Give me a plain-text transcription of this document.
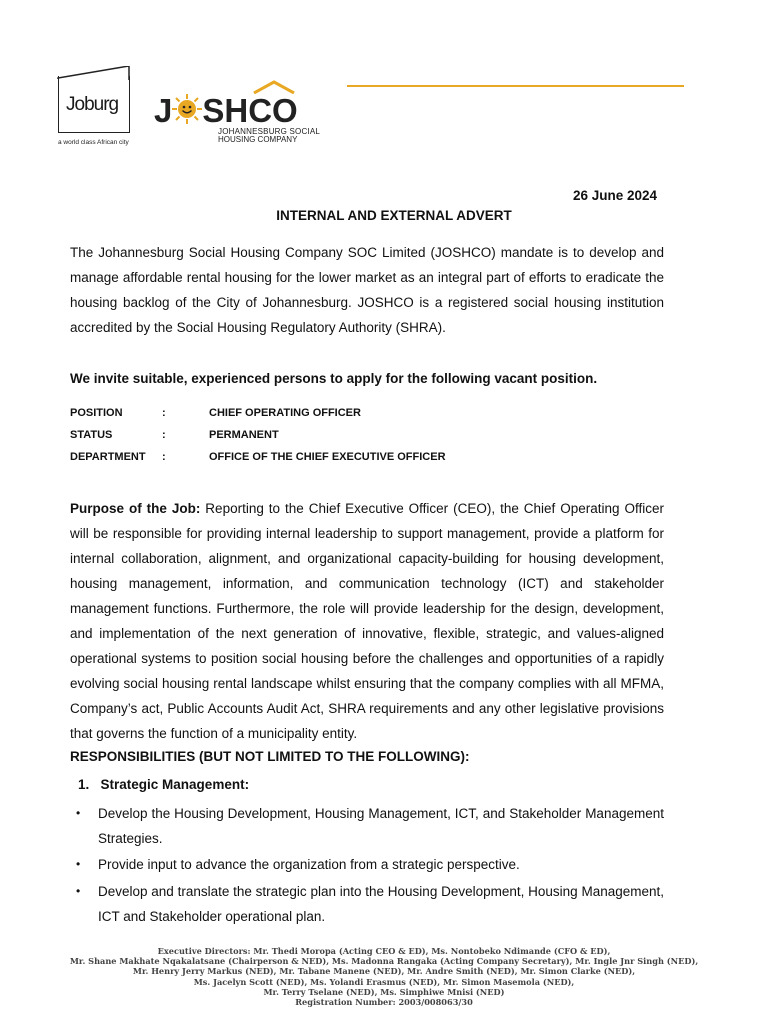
Joburg
a world class African city
J SHCO
JOHANNESBURG SOCIAL
HOUSING COMPANY
26 June 2024
INTERNAL AND EXTERNAL ADVERT
The Johannesburg Social Housing Company SOC Limited (JOSHCO) mandate is to develop and manage affordable rental housing for the lower market as an integral part of efforts to eradicate the housing backlog of the City of Johannesburg. JOSHCO is a registered social housing institution accredited by the Social Housing Regulatory Authority (SHRA).
We invite suitable, experienced persons to apply for the following vacant position.
POSITION	:	CHIEF OPERATING OFFICER
STATUS	:	PERMANENT
DEPARTMENT :	OFFICE OF THE CHIEF EXECUTIVE OFFICER
Purpose of the Job: Reporting to the Chief Executive Officer (CEO), the Chief Operating Officer will be responsible for providing internal leadership to support management, provide a platform for internal collaboration, alignment, and organizational capacity-building for housing development, housing management, information, and communication technology (ICT) and stakeholder management functions. Furthermore, the role will provide leadership for the design, development, and implementation of the next generation of innovative, flexible, strategic, and values-aligned operational systems to position social housing before the challenges and opportunities of a rapidly evolving social housing rental landscape whilst ensuring that the company complies with all MFMA, Company’s act, Public Accounts Audit Act, SHRA requirements and any other legislative provisions that governs the function of a municipality entity.
RESPONSIBILITIES (BUT NOT LIMITED TO THE FOLLOWING):
1. Strategic Management:
• Develop the Housing Development, Housing Management, ICT, and Stakeholder Management Strategies.
• Provide input to advance the organization from a strategic perspective.
• Develop and translate the strategic plan into the Housing Development, Housing Management, ICT and Stakeholder operational plan.
Executive Directors: Mr. Thedi Moropa (Acting CEO & ED), Ms. Nontobeko Ndimande (CFO & ED),
Mr. Shane Makhate Nqakalatsane (Chairperson & NED), Ms. Madonna Rangaka (Acting Company Secretary), Mr. Ingle Jnr Singh (NED),
Mr. Henry Jerry Markus (NED), Mr. Tabane Manene (NED), Mr. Andre Smith (NED), Mr. Simon Clarke (NED),
Ms. Jacelyn Scott (NED), Ms. Yolandi Erasmus (NED), Mr. Simon Masemola (NED),
Mr. Terry Tselane (NED), Ms. Simphiwe Mnisi (NED)
Registration Number: 2003/008063/30
